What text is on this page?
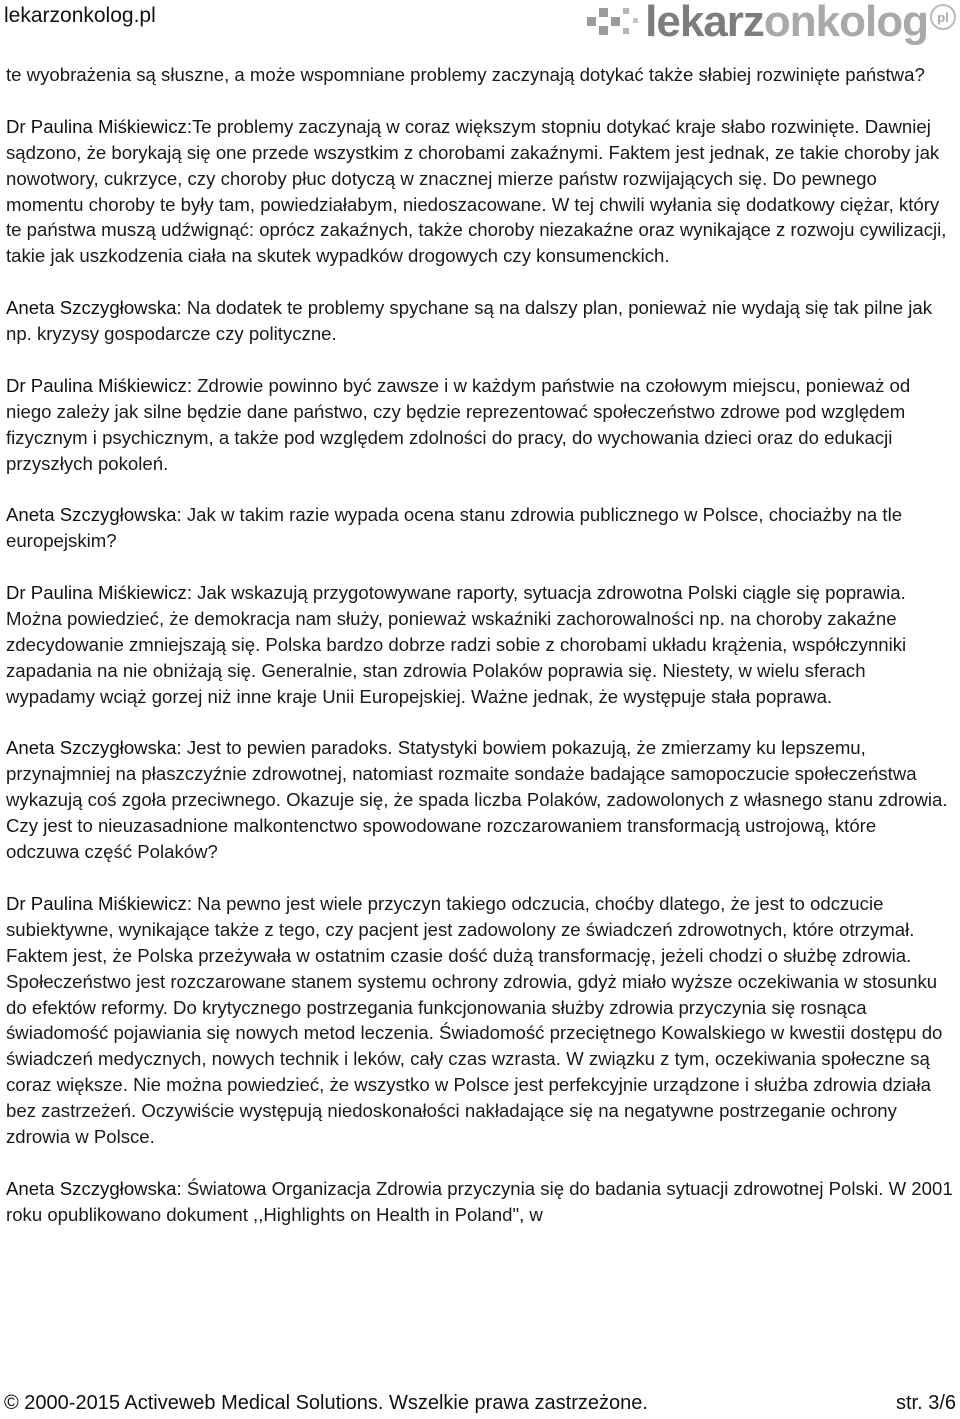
lekarzonkolog.pl	lekarzonkolog pl

te wyobrażenia są słuszne, a może wspomniane problemy zaczynają dotykać także słabiej rozwinięte państwa?

Dr Paulina Miśkiewicz:Te problemy zaczynają w coraz większym stopniu dotykać kraje słabo rozwinięte. Dawniej sądzono, że borykają się one przede wszystkim z chorobami zakaźnymi. Faktem jest jednak, ze takie choroby jak nowotwory, cukrzyce, czy choroby płuc dotyczą w znacznej mierze państw rozwijających się. Do pewnego momentu choroby te były tam, powiedziałabym, niedoszacowane. W tej chwili wyłania się dodatkowy ciężar, który te państwa muszą udźwignąć: oprócz zakaźnych, także choroby niezakaźne oraz wynikające z rozwoju cywilizacji, takie jak uszkodzenia ciała na skutek wypadków drogowych czy konsumenckich.

Aneta Szczygłowska: Na dodatek te problemy spychane są na dalszy plan, ponieważ nie wydają się tak pilne jak np. kryzysy gospodarcze czy polityczne.

Dr Paulina Miśkiewicz: Zdrowie powinno być zawsze i w każdym państwie na czołowym miejscu, ponieważ od niego zależy jak silne będzie dane państwo, czy będzie reprezentować społeczeństwo zdrowe pod względem fizycznym i psychicznym, a także pod względem zdolności do pracy, do wychowania dzieci oraz do edukacji przyszłych pokoleń.

Aneta Szczygłowska: Jak w takim razie wypada ocena stanu zdrowia publicznego w Polsce, chociażby na tle europejskim?

Dr Paulina Miśkiewicz: Jak wskazują przygotowywane raporty, sytuacja zdrowotna Polski ciągle się poprawia. Można powiedzieć, że demokracja nam służy, ponieważ wskaźniki zachorowalności np. na choroby zakaźne zdecydowanie zmniejszają się. Polska bardzo dobrze radzi sobie z chorobami układu krążenia, współczynniki zapadania na nie obniżają się. Generalnie, stan zdrowia Polaków poprawia się. Niestety, w wielu sferach wypadamy wciąż gorzej niż inne kraje Unii Europejskiej. Ważne jednak, że występuje stała poprawa.

Aneta Szczygłowska: Jest to pewien paradoks. Statystyki bowiem pokazują, że zmierzamy ku lepszemu, przynajmniej na płaszczyźnie zdrowotnej, natomiast rozmaite sondaże badające samopoczucie społeczeństwa wykazują coś zgoła przeciwnego. Okazuje się, że spada liczba Polaków, zadowolonych z własnego stanu zdrowia. Czy jest to nieuzasadnione malkontenctwo spowodowane rozczarowaniem transformacją ustrojową, które odczuwa część Polaków?

Dr Paulina Miśkiewicz: Na pewno jest wiele przyczyn takiego odczucia, choćby dlatego, że jest to odczucie subiektywne, wynikające także z tego, czy pacjent jest zadowolony ze świadczeń zdrowotnych, które otrzymał. Faktem jest, że Polska przeżywała w ostatnim czasie dość dużą transformację, jeżeli chodzi o służbę zdrowia. Społeczeństwo jest rozczarowane stanem systemu ochrony zdrowia, gdyż miało wyższe oczekiwania w stosunku do efektów reformy. Do krytycznego postrzegania funkcjonowania służby zdrowia przyczynia się rosnąca świadomość pojawiania się nowych metod leczenia. Świadomość przeciętnego Kowalskiego w kwestii dostępu do świadczeń medycznych, nowych technik i leków, cały czas wzrasta. W związku z tym, oczekiwania społeczne są coraz większe. Nie można powiedzieć, że wszystko w Polsce jest perfekcyjnie urządzone i służba zdrowia działa bez zastrzeżeń. Oczywiście występują niedoskonałości nakładające się na negatywne postrzeganie ochrony zdrowia w Polsce.

Aneta Szczygłowska: Światowa Organizacja Zdrowia przyczynia się do badania sytuacji zdrowotnej Polski. W 2001 roku opublikowano dokument ,,Highlights on Health in Poland", w

© 2000-2015 Activeweb Medical Solutions. Wszelkie prawa zastrzeżone.	str. 3/6
